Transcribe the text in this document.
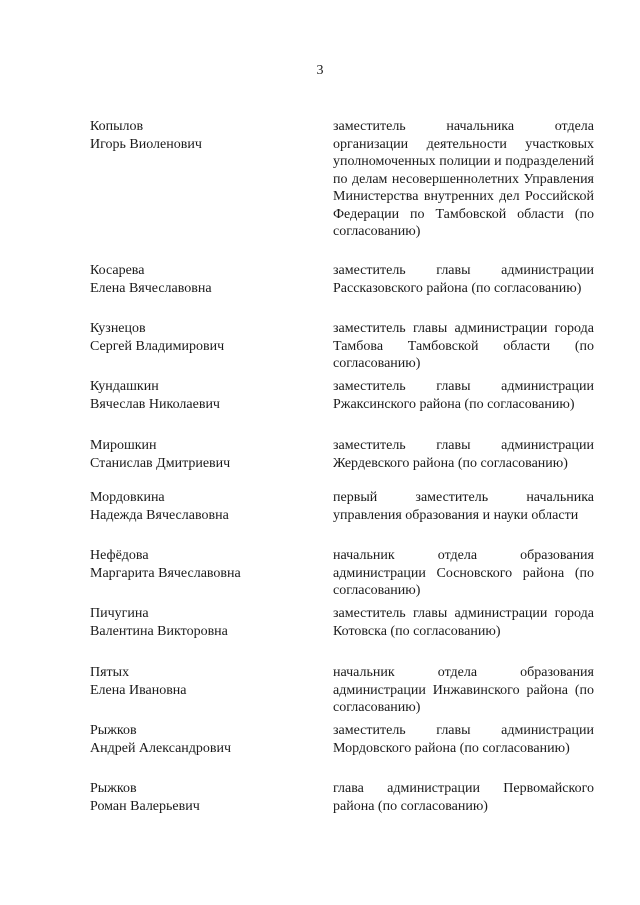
3
Копылов
Игорь Виоленович
заместитель начальника отдела организации деятельности участковых уполномоченных полиции и подразделений по делам несовершеннолетних Управления Министерства внутренних дел Российской Федерации по Тамбовской области (по согласованию)
Косарева
Елена Вячеславовна
заместитель главы администрации Рассказовского района (по согласованию)
Кузнецов
Сергей Владимирович
заместитель главы администрации города Тамбова Тамбовской области (по согласованию)
Кундашкин
Вячеслав Николаевич
заместитель главы администрации Ржаксинского района (по согласованию)
Мирошкин
Станислав Дмитриевич
заместитель главы администрации Жердевского района (по согласованию)
Мордовкина
Надежда Вячеславовна
первый заместитель начальника управления образования и науки области
Нефёдова
Маргарита Вячеславовна
начальник отдела образования администрации Сосновского района (по согласованию)
Пичугина
Валентина Викторовна
заместитель главы администрации города Котовска (по согласованию)
Пятых
Елена Ивановна
начальник отдела образования администрации Инжавинского района (по согласованию)
Рыжков
Андрей Александрович
заместитель главы администрации Мордовского района (по согласованию)
Рыжков
Роман Валерьевич
глава администрации Первомайского района (по согласованию)
